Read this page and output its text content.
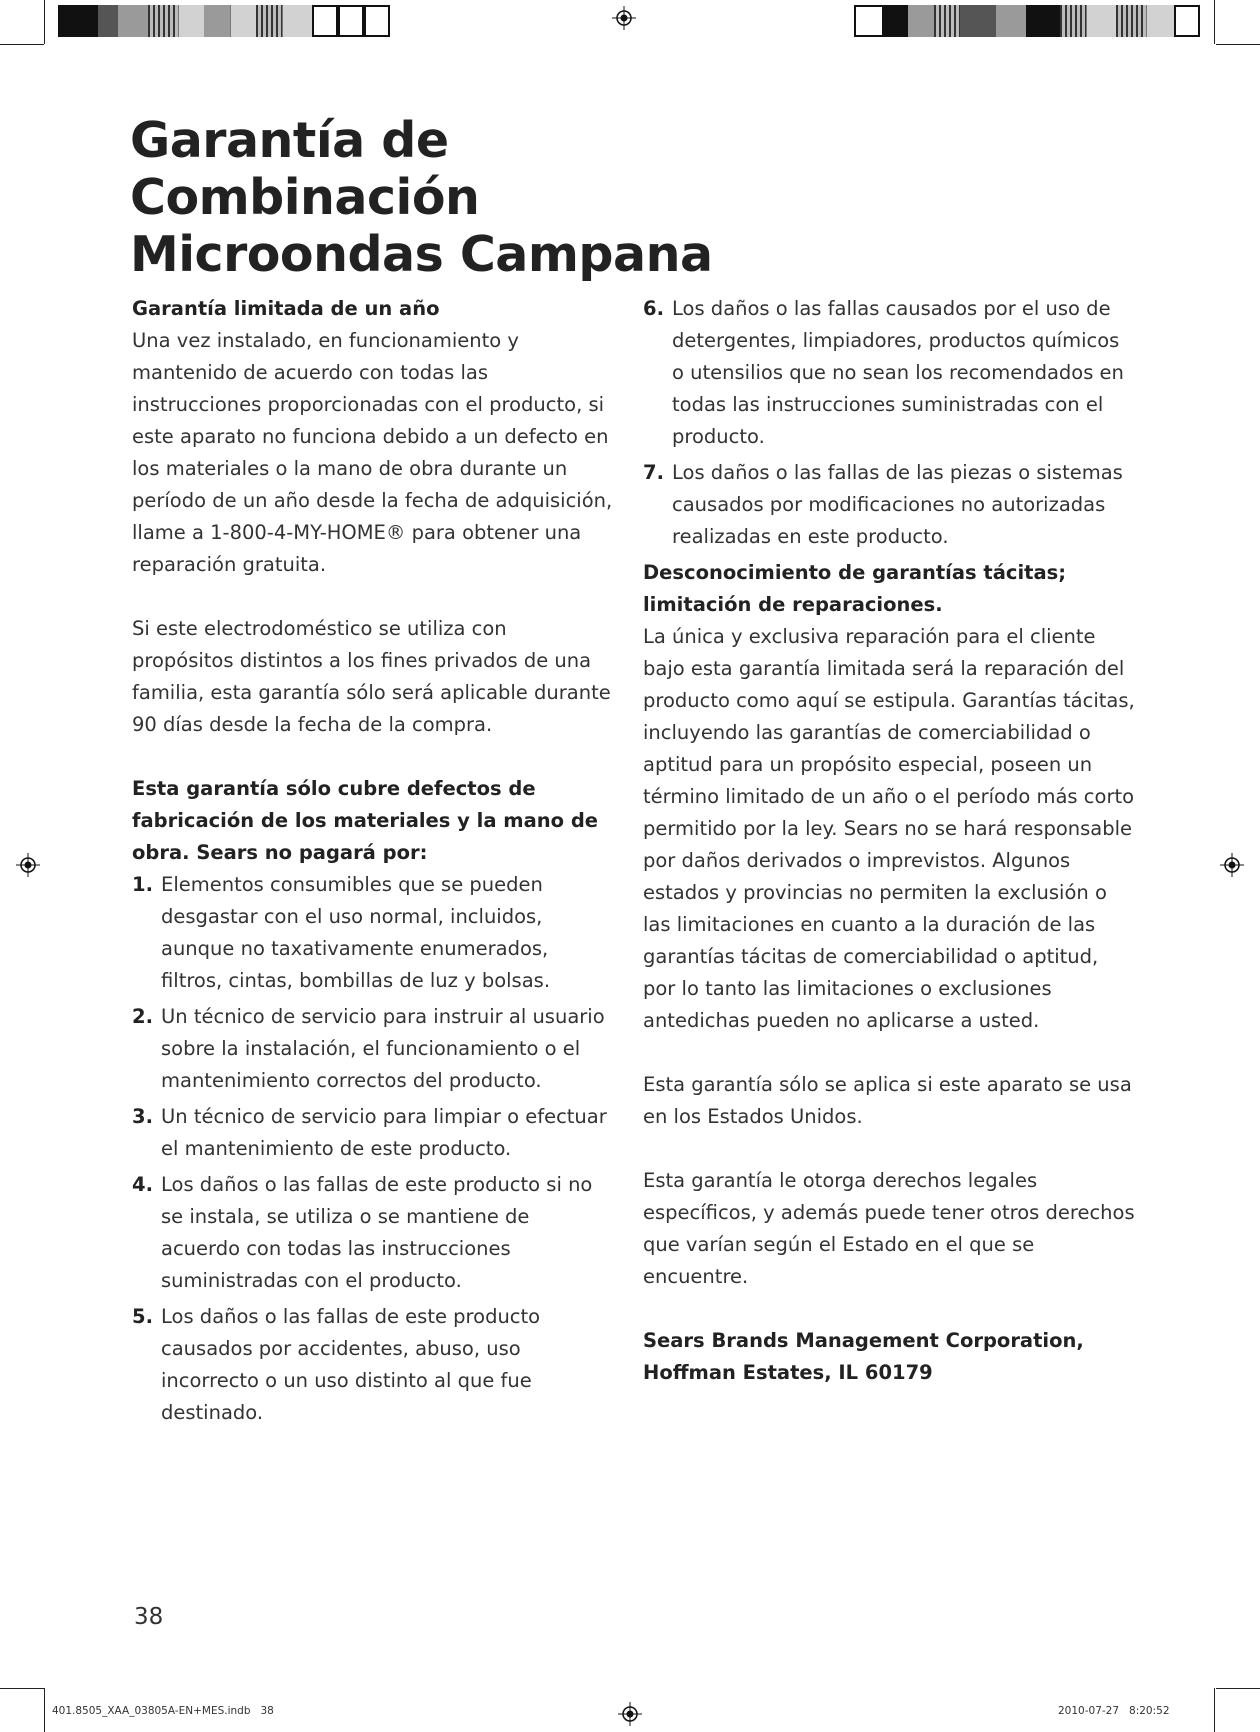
Garantía de
Combinación
Microondas Campana

Garantía limitada de un año

Una vez instalado, en funcionamiento y mantenido de acuerdo con todas las instrucciones proporcionadas con el producto, si este aparato no funciona debido a un defecto en los materiales o la mano de obra durante un período de un año desde la fecha de adquisición, llame a 1-800-4-MY-HOME® para obtener una reparación gratuita.

Si este electrodoméstico se utiliza con propósitos distintos a los fines privados de una familia, esta garantía sólo será aplicable durante 90 días desde la fecha de la compra.

Esta garantía sólo cubre defectos de fabricación de los materiales y la mano de obra. Sears no pagará por:

1. Elementos consumibles que se pueden desgastar con el uso normal, incluidos, aunque no taxativamente enumerados, filtros, cintas, bombillas de luz y bolsas.
2. Un técnico de servicio para instruir al usuario sobre la instalación, el funcionamiento o el mantenimiento correctos del producto.
3. Un técnico de servicio para limpiar o efectuar el mantenimiento de este producto.
4. Los daños o las fallas de este producto si no se instala, se utiliza o se mantiene de acuerdo con todas las instrucciones suministradas con el producto.
5. Los daños o las fallas de este producto causados por accidentes, abuso, uso incorrecto o un uso distinto al que fue destinado.
6. Los daños o las fallas causados por el uso de detergentes, limpiadores, productos químicos o utensilios que no sean los recomendados en todas las instrucciones suministradas con el producto.
7. Los daños o las fallas de las piezas o sistemas causados por modificaciones no autorizadas realizadas en este producto.

Desconocimiento de garantías tácitas; limitación de reparaciones.

La única y exclusiva reparación para el cliente bajo esta garantía limitada será la reparación del producto como aquí se estipula. Garantías tácitas, incluyendo las garantías de comerciabilidad o aptitud para un propósito especial, poseen un término limitado de un año o el período más corto permitido por la ley. Sears no se hará responsable por daños derivados o imprevistos. Algunos estados y provincias no permiten la exclusión o las limitaciones en cuanto a la duración de las garantías tácitas de comerciabilidad o aptitud, por lo tanto las limitaciones o exclusiones antedichas pueden no aplicarse a usted.

Esta garantía sólo se aplica si este aparato se usa en los Estados Unidos.

Esta garantía le otorga derechos legales específicos, y además puede tener otros derechos que varían según el Estado en el que se encuentre.

Sears Brands Management Corporation,
Hoffman Estates, IL 60179

38
401.8505_XAA_03805A-EN+MES.indb   38	2010-07-27   8:20:52
